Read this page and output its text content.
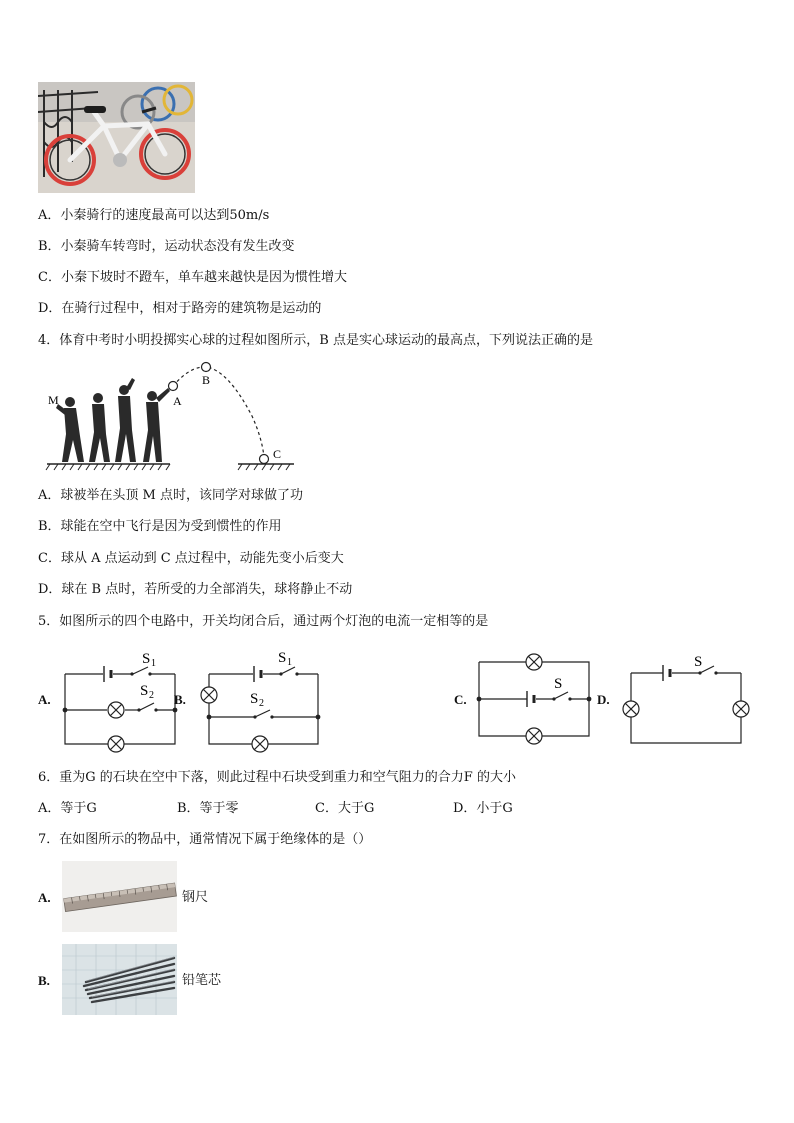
A．小秦骑行的速度最高可以达到50m/s
B．小秦骑车转弯时，运动状态没有发生改变
C．小秦下坡时不蹬车，单车越来越快是因为惯性增大
D．在骑行过程中，相对于路旁的建筑物是运动的
4．体育中考时小明投掷实心球的过程如图所示，B 点是实心球运动的最高点，下列说法正确的是
M	A
B
C
A．球被举在头顶 M 点时，该同学对球做了功
B．球能在空中飞行是因为受到惯性的作用
C．球从 A 点运动到 C 点过程中，动能先变小后变大
D．球在 B 点时，若所受的力全部消失，球将静止不动
5．如图所示的四个电路中，开关均闭合后，通过两个灯泡的电流一定相等的是
A.
S 1
S 2 B.
S 1
S 2	C.
S
D.
S
6．重为G 的石块在空中下落，则此过程中石块受到重力和空气阻力的合力F 的大小
A．等于G	B．等于零	C．大于G	D．小于G
7．在如图所示的物品中，通常情况下属于绝缘体的是（）
A.	钢尺
B.	铅笔芯
